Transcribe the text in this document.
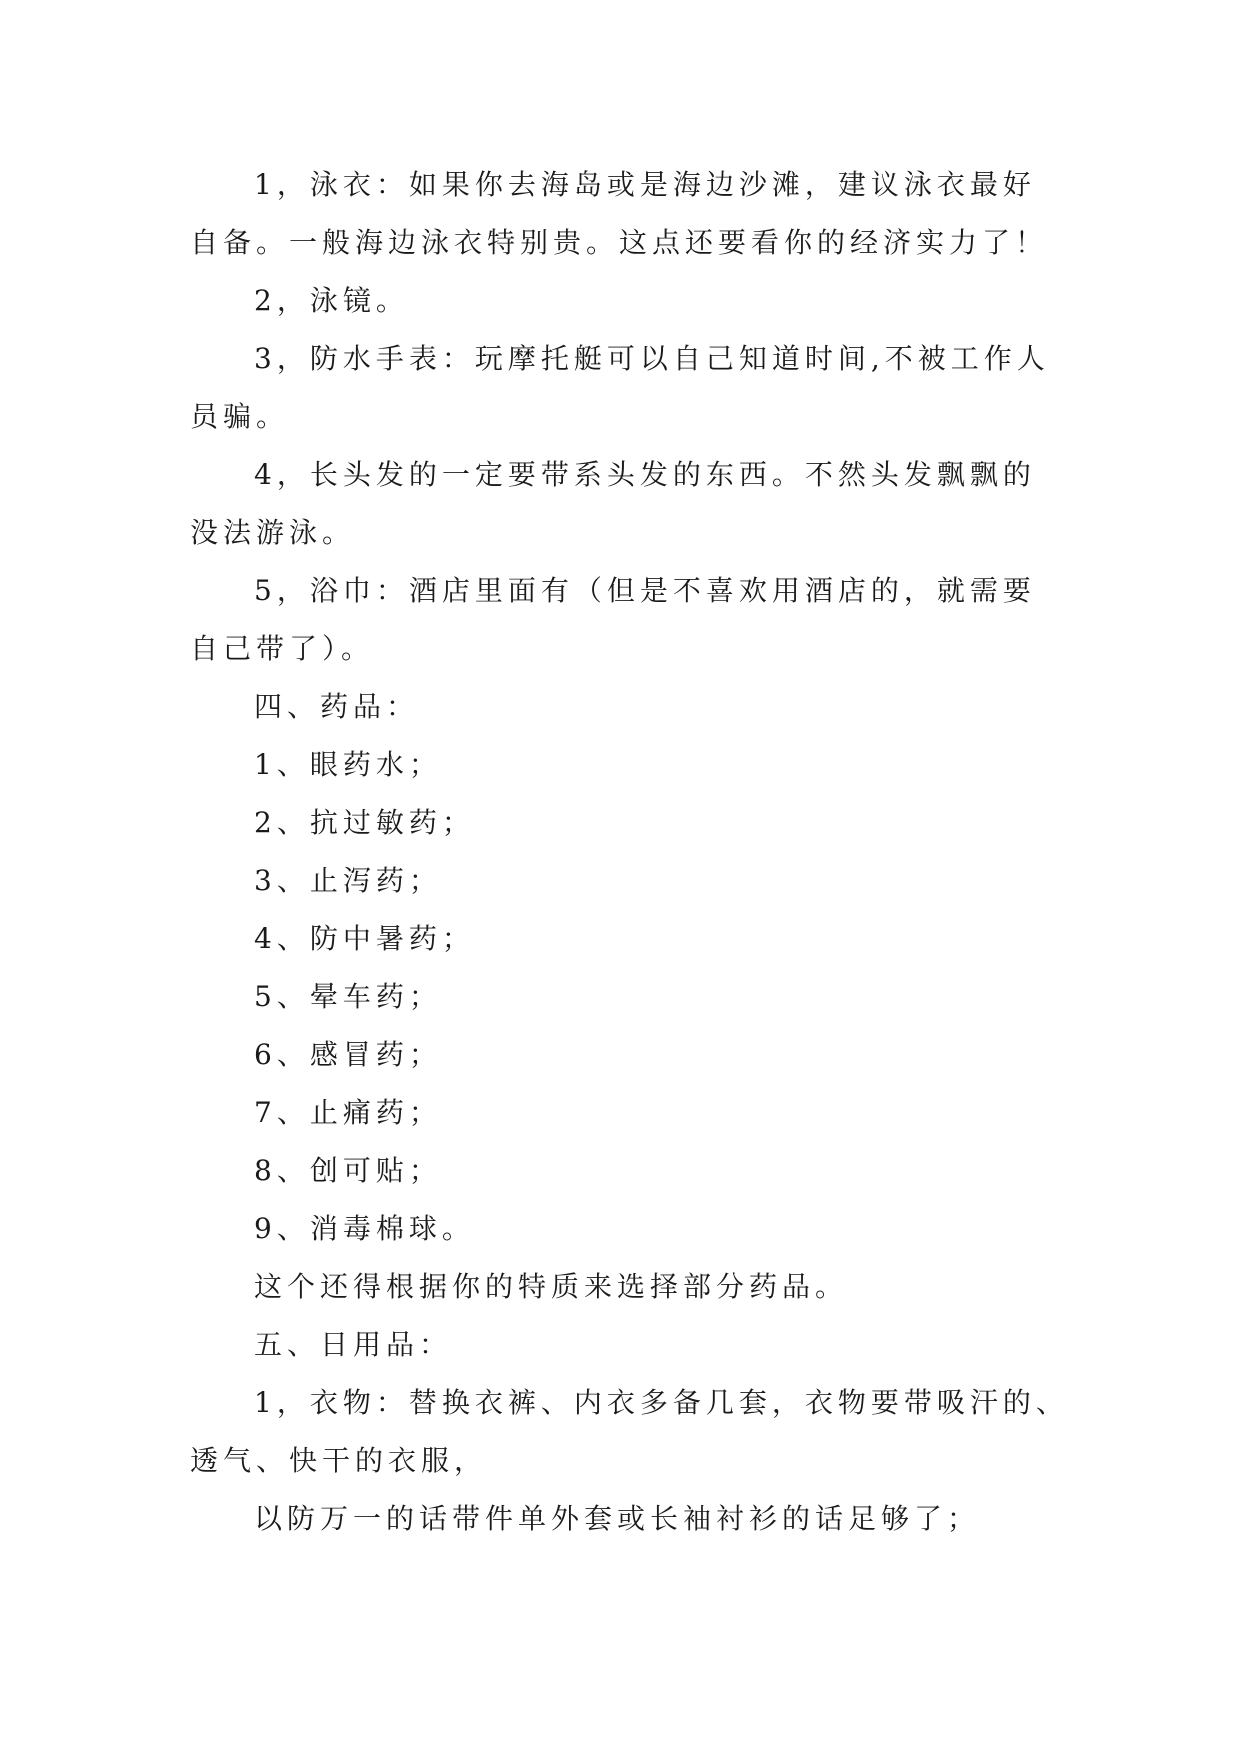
1，泳衣：如果你去海岛或是海边沙滩，建议泳衣最好
自备。一般海边泳衣特别贵。这点还要看你的经济实力了！
2，泳镜。
3，防水手表：玩摩托艇可以自己知道时间,不被工作人
员骗。
4，长头发的一定要带系头发的东西。不然头发飘飘的
没法游泳。
5，浴巾：酒店里面有（但是不喜欢用酒店的，就需要
自己带了）。
四、药品：
1、眼药水；
2、抗过敏药；
3、止泻药；
4、防中暑药；
5、晕车药；
6、感冒药；
7、止痛药；
8、创可贴；
9、消毒棉球。
这个还得根据你的特质来选择部分药品。
五、日用品：
1，衣物：替换衣裤、内衣多备几套，衣物要带吸汗的、
透气、快干的衣服，
以防万一的话带件单外套或长袖衬衫的话足够了；
